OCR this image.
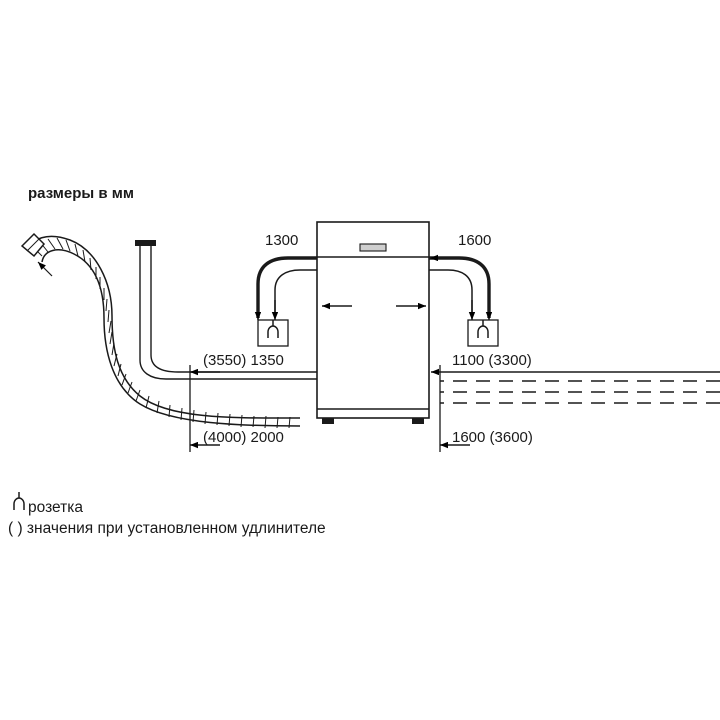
размеры в мм
1300	1600
(3550) 1350	1100 (3300)
(4000) 2000	1600 (3600)
розетка
( ) значения при установленном удлинителе
